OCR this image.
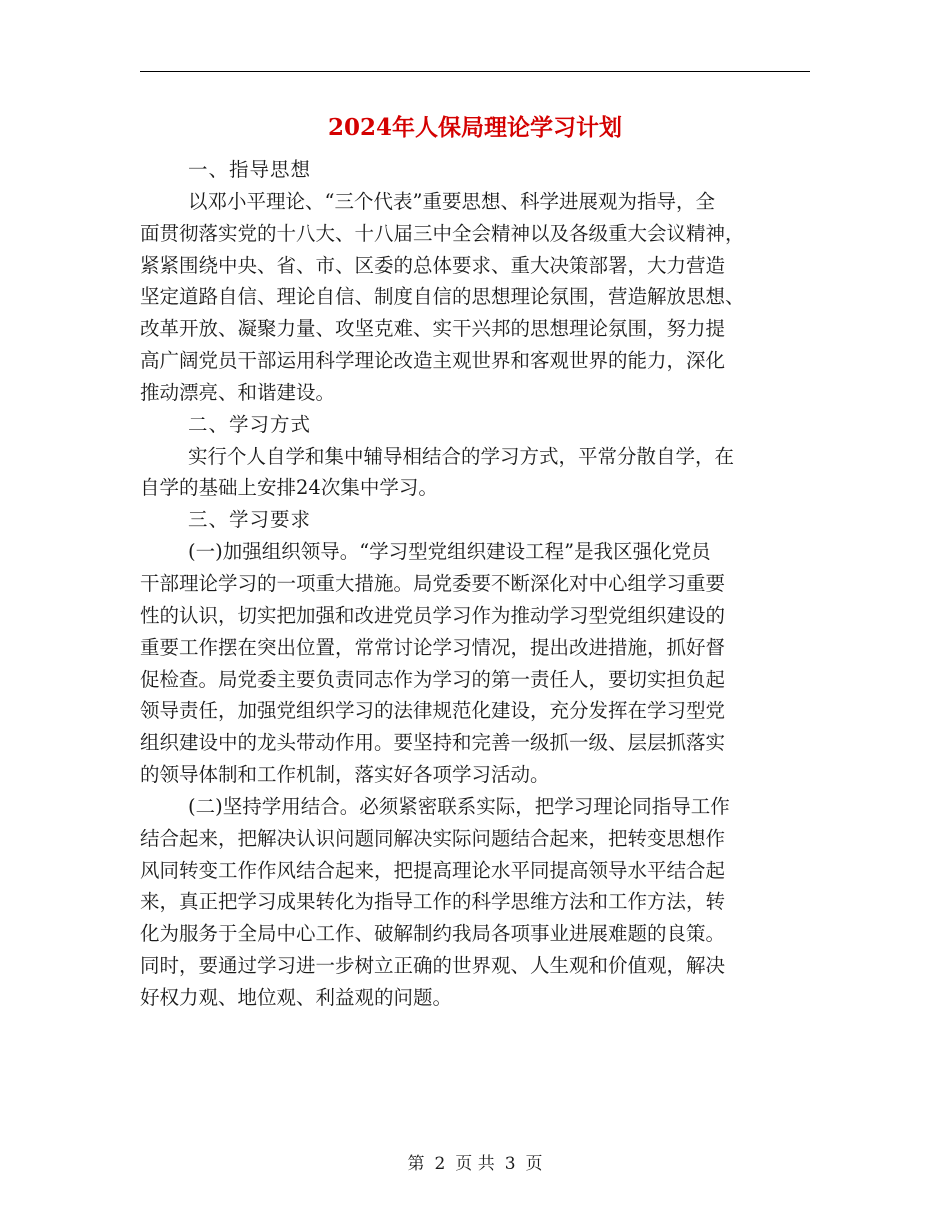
2024年人保局理论学习计划
一、指导思想
以邓小平理论、“三个代表”重要思想、科学进展观为指导，全
面贯彻落实党的十八大、十八届三中全会精神以及各级重大会议精神，
紧紧围绕中央、省、市、区委的总体要求、重大决策部署，大力营造
坚定道路自信、理论自信、制度自信的思想理论氛围，营造解放思想、
改革开放、凝聚力量、攻坚克难、实干兴邦的思想理论氛围，努力提
高广阔党员干部运用科学理论改造主观世界和客观世界的能力，深化
推动漂亮、和谐建设。
二、学习方式
实行个人自学和集中辅导相结合的学习方式，平常分散自学，在
自学的基础上安排24次集中学习。
三、学习要求
(一)加强组织领导。“学习型党组织建设工程”是我区强化党员
干部理论学习的一项重大措施。局党委要不断深化对中心组学习重要
性的认识，切实把加强和改进党员学习作为推动学习型党组织建设的
重要工作摆在突出位置，常常讨论学习情况，提出改进措施，抓好督
促检查。局党委主要负责同志作为学习的第一责任人，要切实担负起
领导责任，加强党组织学习的法律规范化建设，充分发挥在学习型党
组织建设中的龙头带动作用。要坚持和完善一级抓一级、层层抓落实
的领导体制和工作机制，落实好各项学习活动。
(二)坚持学用结合。必须紧密联系实际，把学习理论同指导工作
结合起来，把解决认识问题同解决实际问题结合起来，把转变思想作
风同转变工作作风结合起来，把提高理论水平同提高领导水平结合起
来，真正把学习成果转化为指导工作的科学思维方法和工作方法，转
化为服务于全局中心工作、破解制约我局各项事业进展难题的良策。
同时，要通过学习进一步树立正确的世界观、人生观和价值观，解决
好权力观、地位观、利益观的问题。
第 2 页 共 3 页
